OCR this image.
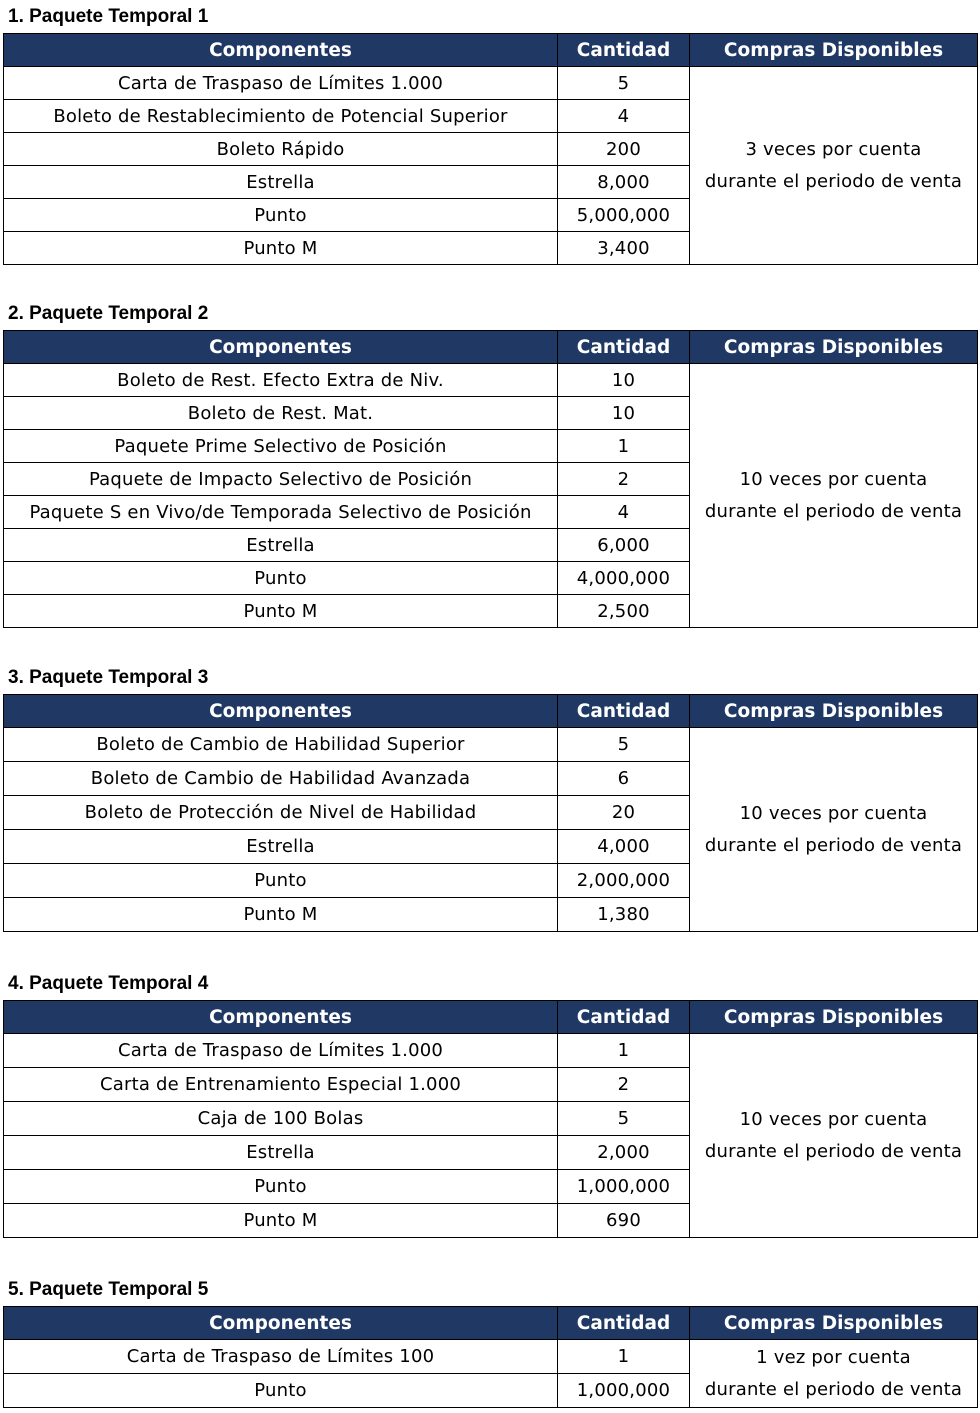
1. Paquete Temporal 1
Componentes	Cantidad	Compras Disponibles
Carta de Traspaso de Límites 1.000	5	3 veces por cuenta
durante el periodo de venta
Boleto de Restablecimiento de Potencial Superior	4	
Boleto Rápido	200	
Estrella	8,000	
Punto	5,000,000	
Punto M	3,400	
2. Paquete Temporal 2
Componentes	Cantidad	Compras Disponibles
Boleto de Rest. Efecto Extra de Niv.	10	10 veces por cuenta
durante el periodo de venta
Boleto de Rest. Mat.	10	
Paquete Prime Selectivo de Posición	1	
Paquete de Impacto Selectivo de Posición	2	
Paquete S en Vivo/de Temporada Selectivo de Posición	4	
Estrella	6,000	
Punto	4,000,000	
Punto M	2,500	
3. Paquete Temporal 3
Componentes	Cantidad	Compras Disponibles
Boleto de Cambio de Habilidad Superior	5	10 veces por cuenta
durante el periodo de venta
Boleto de Cambio de Habilidad Avanzada	6	
Boleto de Protección de Nivel de Habilidad	20	
Estrella	4,000	
Punto	2,000,000	
Punto M	1,380	
4. Paquete Temporal 4
Componentes	Cantidad	Compras Disponibles
Carta de Traspaso de Límites 1.000	1	10 veces por cuenta
durante el periodo de venta
Carta de Entrenamiento Especial 1.000	2	
Caja de 100 Bolas	5	
Estrella	2,000	
Punto	1,000,000	
Punto M	690	
5. Paquete Temporal 5
Componentes	Cantidad	Compras Disponibles
Carta de Traspaso de Límites 100	1	1 vez por cuenta
durante el periodo de venta
Punto	1,000,000	
